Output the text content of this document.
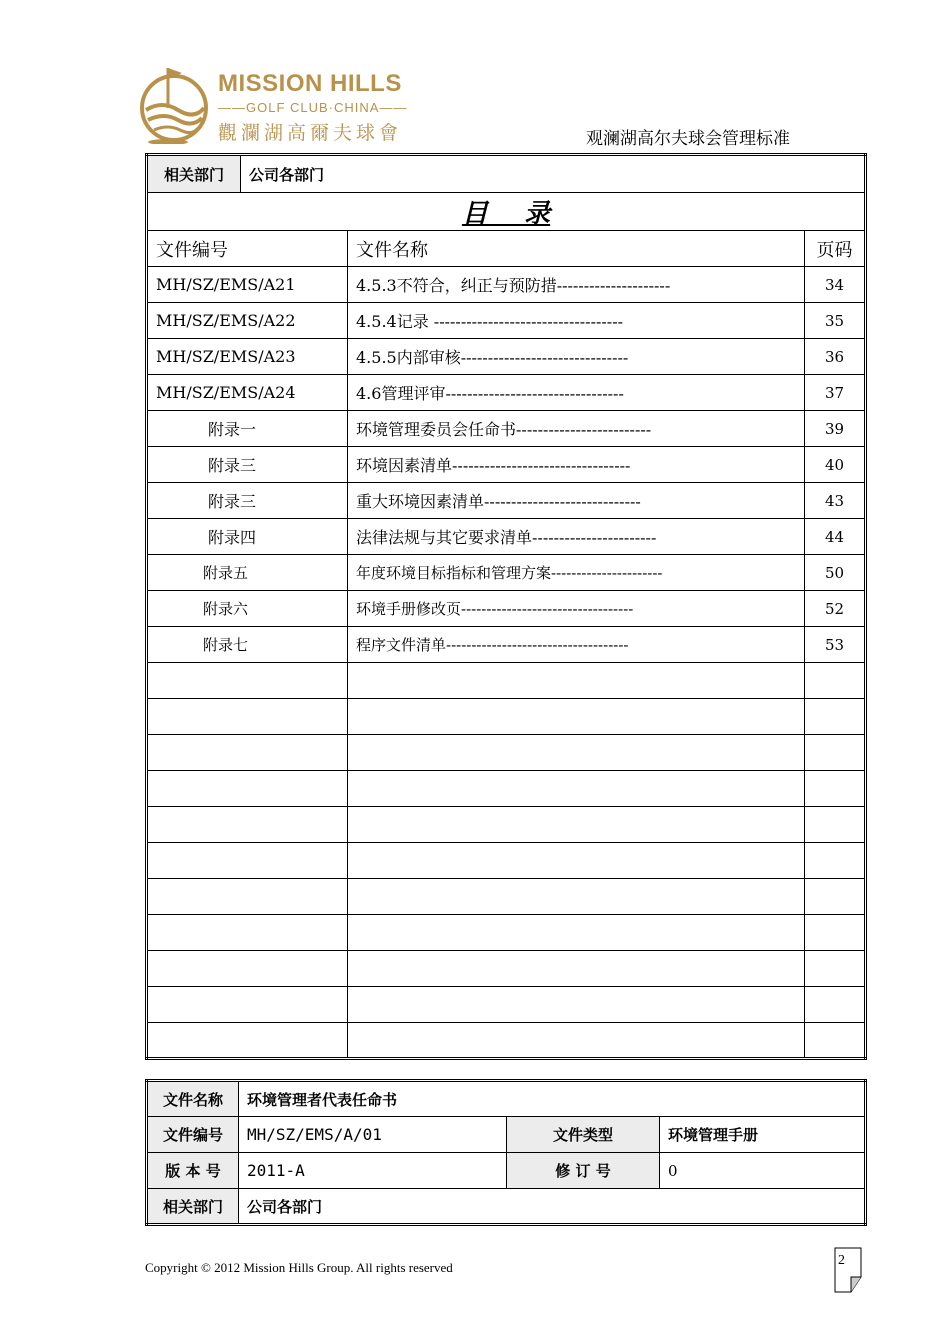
MISSION HILLS
——GOLF CLUB·CHINA——
觀瀾湖高爾夫球會	观澜湖高尔夫球会管理标准
相关部门 公司各部门		

目    录		
文件编号	文件名称	页码
MH/SZ/EMS/A21	4.5.3不符合，纠正与预防措---------------------	34
MH/SZ/EMS/A22	4.5.4记录 -----------------------------------	35
MH/SZ/EMS/A23	4.5.5内部审核-------------------------------	36
MH/SZ/EMS/A24	4.6管理评审---------------------------------	37
附录一	环境管理委员会任命书-------------------------	39
附录三	环境因素清单---------------------------------	40
附录三	重大环境因素清单-----------------------------	43
附录四	法律法规与其它要求清单-----------------------	44
附录五	年度环境目标指标和管理方案----------------------	50
附录六	环境手册修改页----------------------------------	52
附录七	程序文件清单------------------------------------	53

文件名称	环境管理者代表任命书		
文件编号	MH/SZ/EMS/A/01	文件类型	环境管理手册
版 本 号	2011-A	修 订 号	0
相关部门	公司各部门		
Copyright © 2012 Mission Hills Group. All rights reserved	2
